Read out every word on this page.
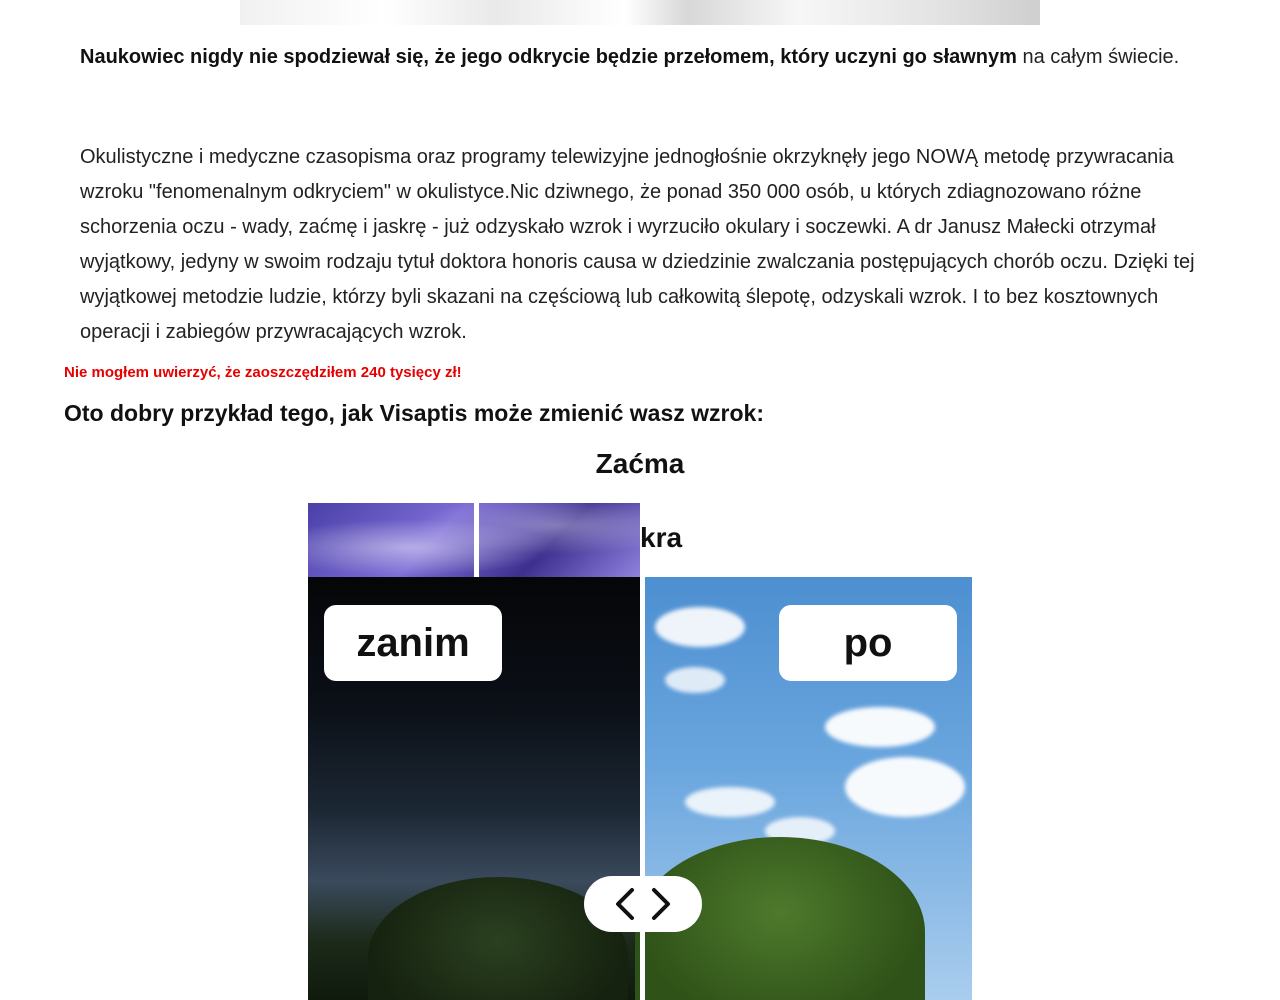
Naukowiec nigdy nie spodziewał się, że jego odkrycie będzie przełomem, który uczyni go sławnym na całym świecie.

Okulistyczne i medyczne czasopisma oraz programy telewizyjne jednogłośnie okrzyknęły jego NOWĄ metodę przywracania wzroku "fenomenalnym odkryciem" w okulistyce.Nic dziwnego, że ponad 350 000 osób, u których zdiagnozowano różne schorzenia oczu - wady, zaćmę i jaskrę - już odzyskało wzrok i wyrzuciło okulary i soczewki. A dr Janusz Małecki otrzymał wyjątkowy, jedyny w swoim rodzaju tytuł doktora honoris causa w dziedzinie zwalczania postępujących chorób oczu. Dzięki tej wyjątkowej metodzie ludzie, którzy byli skazani na częściową lub całkowitą ślepotę, odzyskali wzrok. I to bez kosztownych operacji i zabiegów przywracających wzrok.

Nie mogłem uwierzyć, że zaoszczędziłem 240 tysięcy zł!

Oto dobry przykład tego, jak Visaptis może zmienić wasz wzrok:
Zaćma
kra
zanim	po
